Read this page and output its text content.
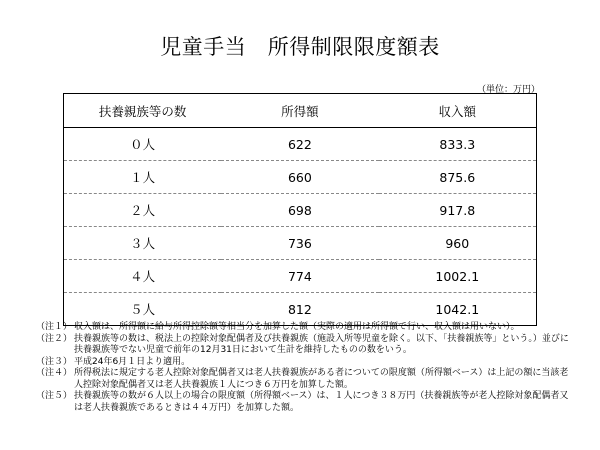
児童手当　所得制限限度額表
（単位：万円）
扶養親族等の数	所得額	収入額
０人	622	833.3
１人	660	875.6
２人	698	917.8
３人	736	960
４人	774	1002.1
５人	812	1042.1
（注１） 収入額は、所得額に給与所得控除額等相当分を加算した額（実際の適用は所得額で行い、収入額は用いない）。
（注２） 扶養親族等の数は、税法上の控除対象配偶者及び扶養親族（施設入所等児童を除く。以下、「扶養親族等」という。）並びに扶養親族等でない児童で前年の12月31日において生計を維持したものの数をいう。
（注３） 平成24年6月１日より適用。
（注４） 所得税法に規定する老人控除対象配偶者又は老人扶養親族がある者についての限度額（所得額ベース）は上記の額に当該老人控除対象配偶者又は老人扶養親族１人につき６万円を加算した額。
（注５） 扶養親族等の数が６人以上の場合の限度額（所得額ベース）は、１人につき３８万円（扶養親族等が老人控除対象配偶者又は老人扶養親族であるときは４４万円）を加算した額。
